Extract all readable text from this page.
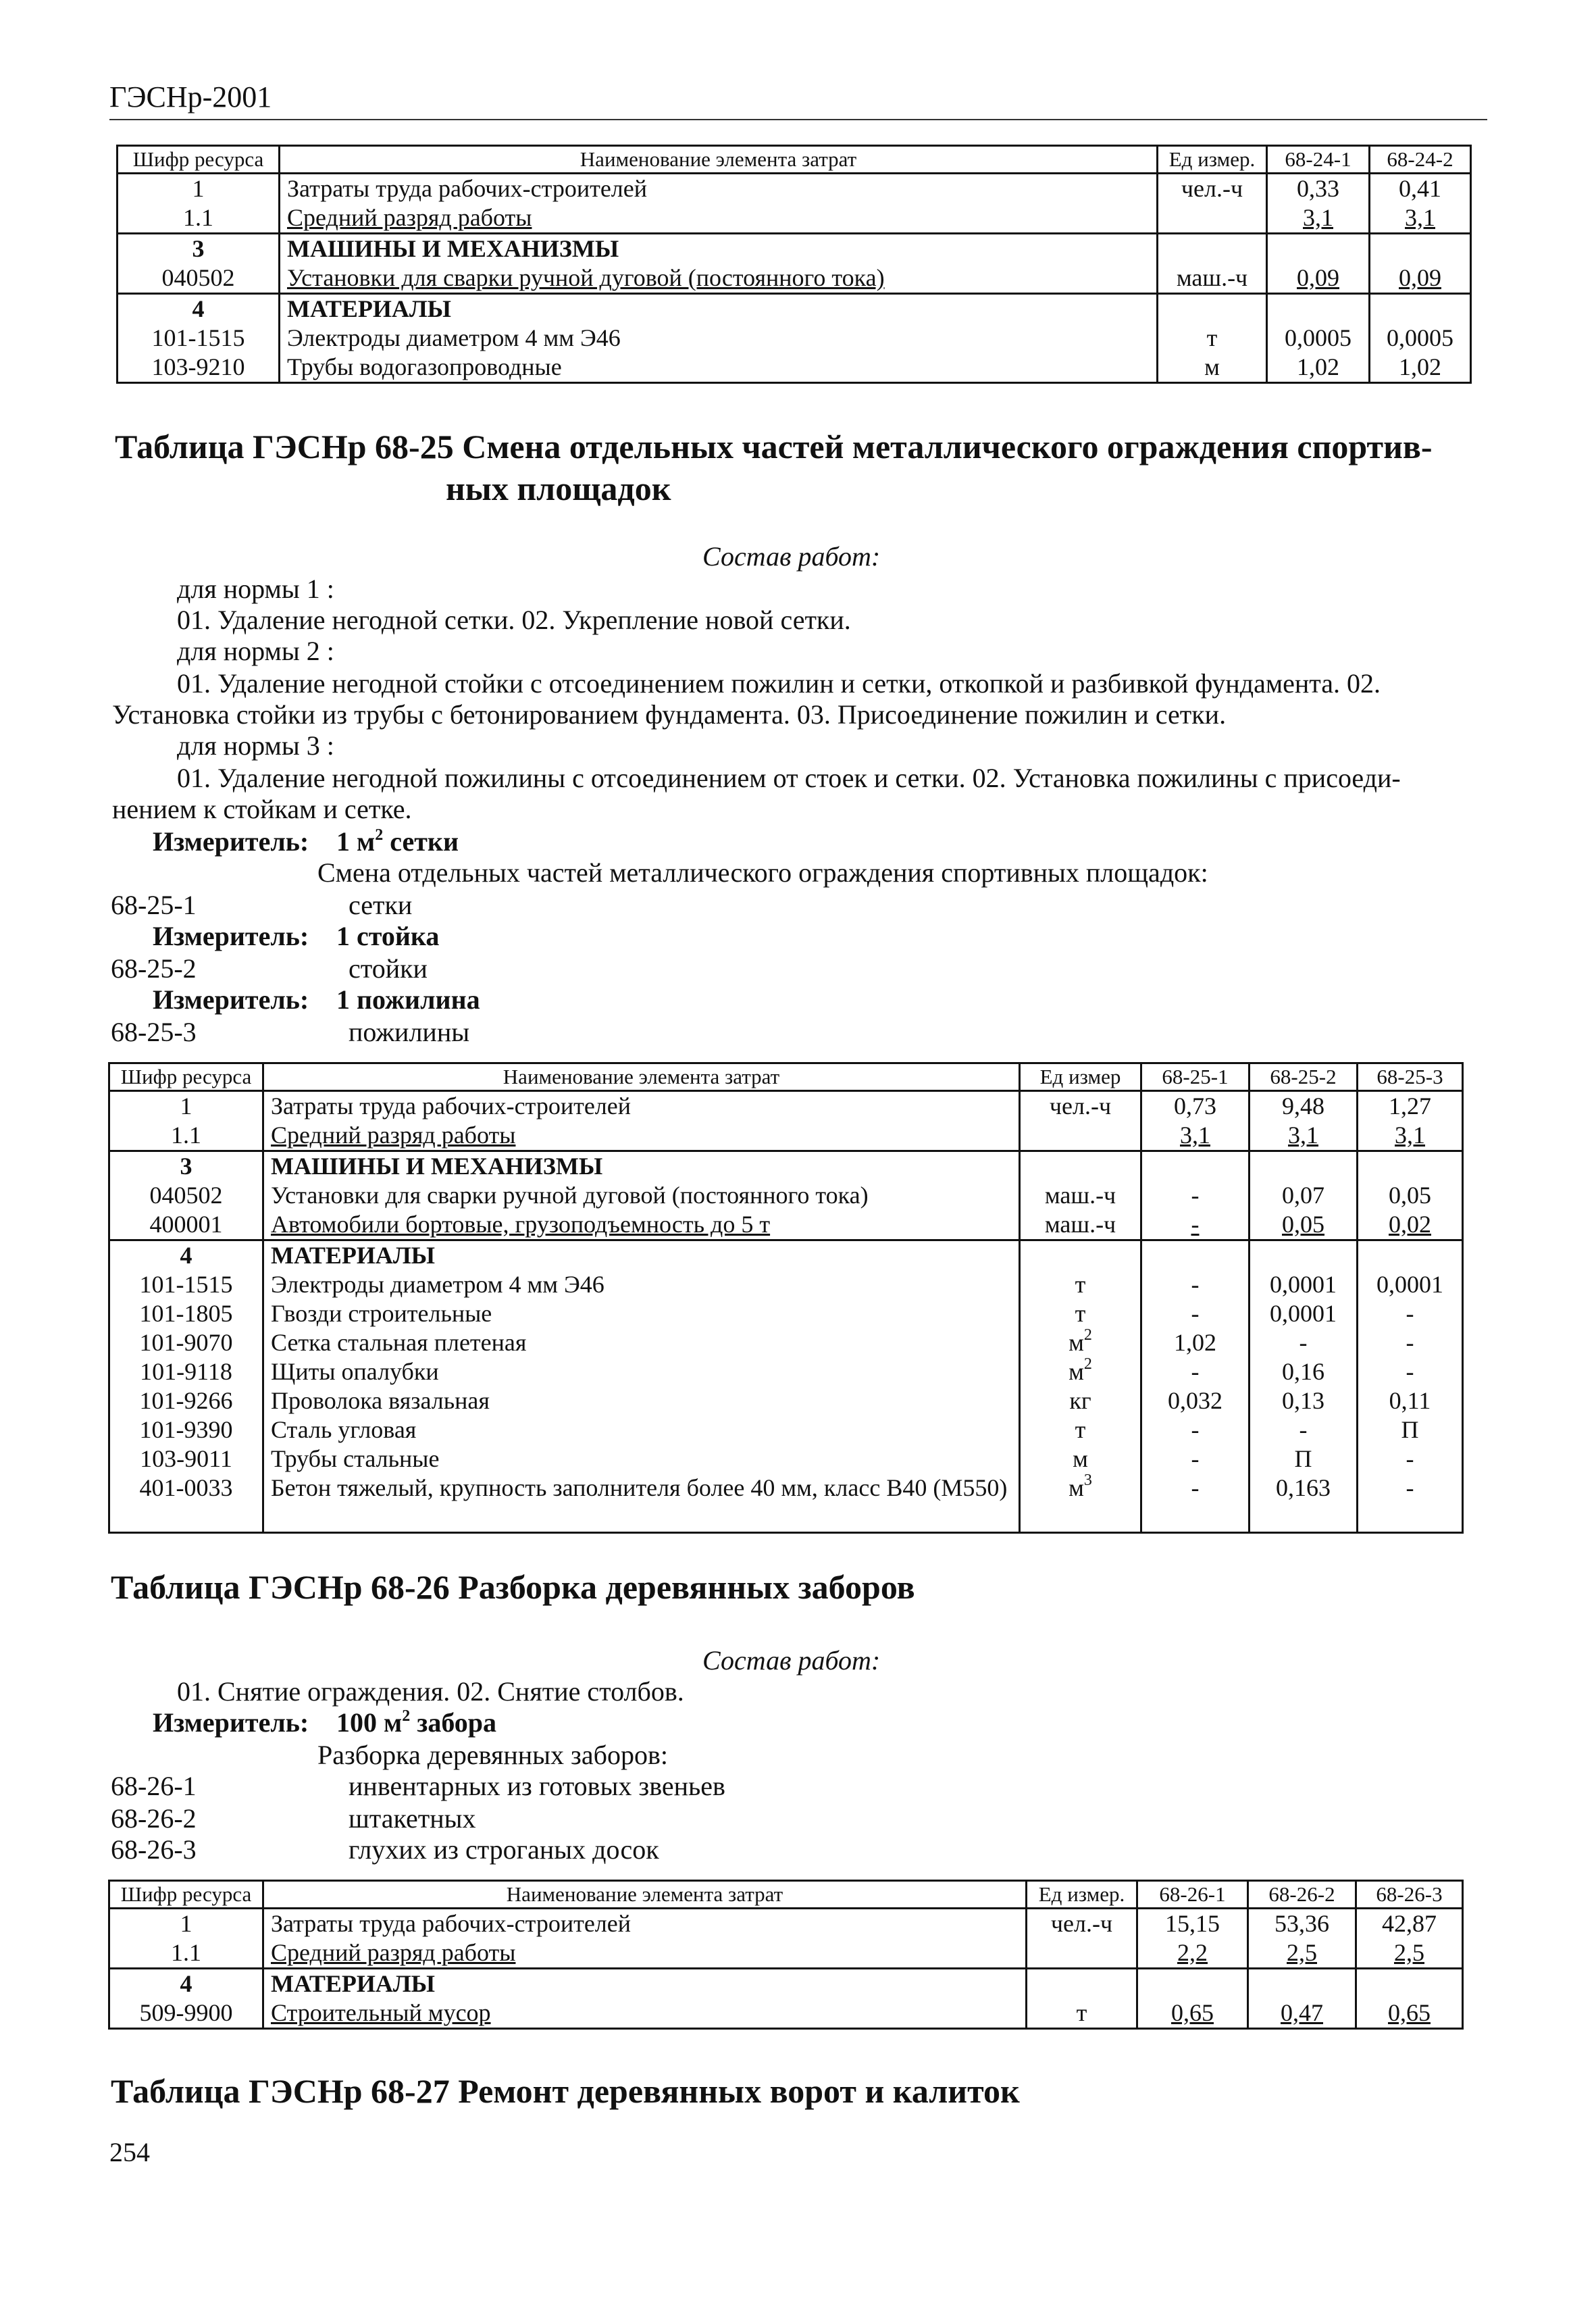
ГЭСНр-2001
Шифр ресурса	Наименование элемента затрат	Ед измер.	68-24-1	68-24-2
1	Затраты труда рабочих-строителей	чел.-ч	0,33	0,41
1.1	Средний разряд работы		3,1	3,1
3	МАШИНЫ И МЕХАНИЗМЫ			
040502	Установки для сварки ручной дуговой (постоянного тока)	маш.-ч	0,09	0,09
4	МАТЕРИАЛЫ			
101-1515	Электроды диаметром 4 мм Э46	т	0,0005	0,0005
103-9210	Трубы водогазопроводные	м	1,02	1,02
Таблица ГЭСНр 68-25 Смена отдельных частей металлического ограждения спортив-
ных площадок
Состав работ:
для нормы 1 :
01. Удаление негодной сетки. 02. Укрепление новой сетки.
для нормы 2 :
01. Удаление негодной стойки с отсоединением пожилин и сетки, откопкой и разбивкой фундамента. 02.
Установка стойки из трубы с бетонированием фундамента. 03. Присоединение пожилин и сетки.
для нормы 3 :
01. Удаление негодной пожилины с отсоединением от стоек и сетки. 02. Установка пожилины с присоеди-
нением к стойкам и сетке.
Измеритель: 1 $м^2$ сетки
Смена отдельных частей металлического ограждения спортивных площадок:
68-25-1	сетки
Измеритель: 1 стойка
68-25-2	стойки
Измеритель: 1 пожилина
68-25-3	пожилины
Шифр ресурса	Наименование элемента затрат	Ед измер	68-25-1	68-25-2	68-25-3
1	Затраты труда рабочих-строителей	чел.-ч	0,73	9,48	1,27
1.1	Средний разряд работы		3,1	3,1	3,1
3	МАШИНЫ И МЕХАНИЗМЫ				
040502	Установки для сварки ручной дуговой (постоянного тока)	маш.-ч	-	0,07	0,05
400001	Автомобили бортовые, грузоподъемность до 5 т	маш.-ч	-	0,05	0,02
4	МАТЕРИАЛЫ				
101-1515	Электроды диаметром 4 мм Э46	т	-	0,0001	0,0001
101-1805	Гвозди строительные	т	-	0,0001	-
101-9070	Сетка стальная плетеная	$м^2$	1,02	-	-
101-9118	Щиты опалубки	$м^2$	-	0,16	-
101-9266	Проволока вязальная	кг	0,032	0,13	0,11
101-9390	Сталь угловая	т	-	-	П
103-9011	Трубы стальные	м	-	П	-
401-0033	Бетон тяжелый, крупность заполнителя более 40 мм, класс В40 (М550)	$м^3$	-	0,163	-
Таблица ГЭСНр 68-26 Разборка деревянных заборов
Состав работ:
01. Снятие ограждения. 02. Снятие столбов.
Измеритель: 100 $м^2$ забора
Разборка деревянных заборов:
68-26-1	инвентарных из готовых звеньев
68-26-2	штакетных
68-26-3	глухих из строганых досок
Шифр ресурса	Наименование элемента затрат	Ед измер.	68-26-1	68-26-2	68-26-3
1	Затраты труда рабочих-строителей	чел.-ч	15,15	53,36	42,87
1.1	Средний разряд работы		2,2	2,5	2,5
4	МАТЕРИАЛЫ				
509-9900	Строительный мусор	т	0,65	0,47	0,65
Таблица ГЭСНр 68-27 Ремонт деревянных ворот и калиток
254
